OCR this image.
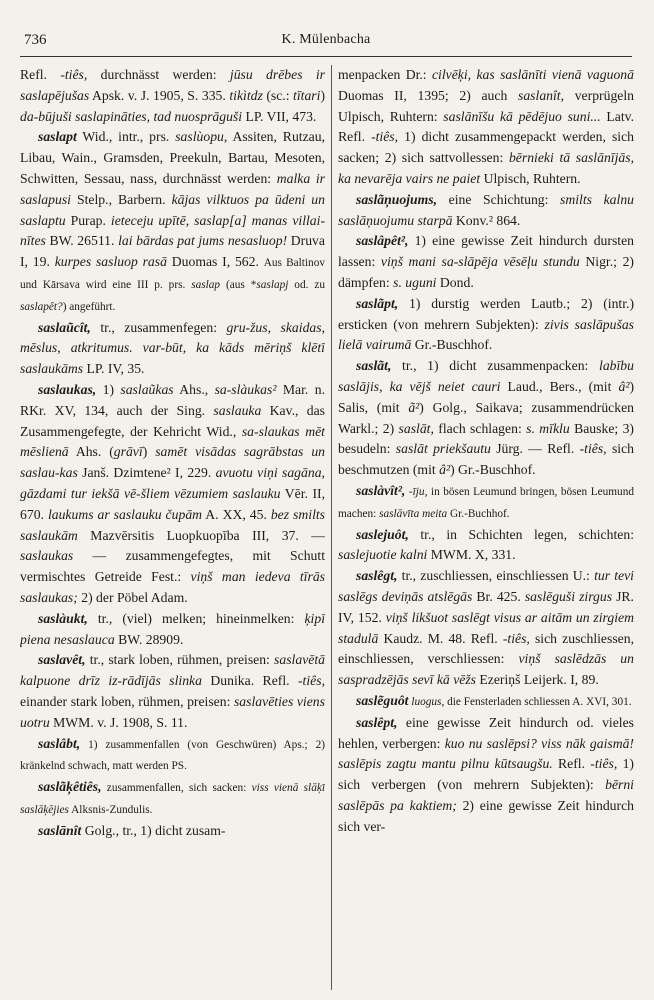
736	K. Mülenbacha

Refl. -tiês, durchnässt werden: jūsu drēbes ir saslapējušas Apsk. v. J. 1905, S. 335. tikìtdz (sc.: tītari) da-būjuši saslapināties, tad nuosprāguši LP. VII, 473.

saslapt Wid., intr., prs. saslùopu, Assiten, Rutzau, Libau, Wain., Gramsden, Preekuln, Bartau, Mesoten, Schwitten, Sessau, nass, durchnässt werden: malka ir saslapusi Stelp., Barbern. kājas vilktuos pa ūdeni un saslaptu Purap. ieteceju upītē, saslap[a] manas villai-nītes BW. 26511. lai bārdas pat jums nesasluop! Druva I, 19. kurpes sasluop rasā Duomas I, 562. Aus Baltinov und Kārsava wird eine III p. prs. saslap (aus *saslapj od. zu saslapêt?) angeführt.

saslaũcît, tr., zusammenfegen: gru-žus, skaidas, mēslus, atkritumus. var-būt, ka kāds mēriņš klētī saslaukāms LP. IV, 35.

saslaukas, 1) saslaũkas Ahs., sa-slàukas² Mar. n. RKr. XV, 134, auch der Sing. saslauka Kav., das Zusammengefegte, der Kehricht Wid., sa-slaukas mēt mēslienā Ahs. (grāvī) samēt visādas sagrābstas un saslau-kas Janš. Dzimtene² I, 229. avuotu viņi sagāna, gāzdami tur iekšā vē-šliem vēzumiem saslauku Vēr. II, 670. laukums ar saslauku čupām A. XX, 45. bez smilts saslaukām Mazvērsitis Luopkuopība III, 37. — saslaukas — zusammengefegtes, mit Schutt vermischtes Getreide Fest.: viņš man iedeva tīrās saslaukas; 2) der Pöbel Adam.

saslàukt, tr., (viel) melken; hineinmelken: ķipī piena nesaslauca BW. 28909.

saslavêt, tr., stark loben, rühmen, preisen: saslavētā kalpuone drīz iz-rādījās slinka Dunika. Refl. -tiês, einander stark loben, rühmen, preisen: saslavēties viens uotru MWM. v. J. 1908, S. 11.

saslâbt, 1) zusammenfallen (von Geschwüren) Aps.; 2) kränkelnd schwach, matt werden PS.

saslãķêtiês, zusammenfallen, sich sacken: viss vienā slāķī saslāķējies Alksnis-Zundulis.

saslānît Golg., tr., 1) dicht zusam-

menpacken Dr.: cilvēķi, kas saslānīti vienā vaguonā Duomas II, 1395; 2) auch saslanît, verprügeln Ulpisch, Ruhtern: saslānīšu kā pēdējuo suni... Latv. Refl. -tiês, 1) dicht zusammengepackt werden, sich sacken; 2) sich sattvollessen: bērnieki tā saslānījās, ka nevarēja vairs ne paiet Ulpisch, Ruhtern.

saslãņuojums, eine Schichtung: smilts kalnu saslāņuojumu starpā Konv.² 864.

saslâpêt², 1) eine gewisse Zeit hindurch dursten lassen: viņš mani sa-slāpēja vēsēļu stundu Nigr.; 2) dämpfen: s. uguni Dond.

saslãpt, 1) durstig werden Lautb.; 2) (intr.) ersticken (von mehrern Subjekten): zivis saslāpušas lielā vairumā Gr.-Buschhof.

saslãt, tr., 1) dicht zusammenpacken: labību saslājis, ka vējš neiet cauri Laud., Bers., (mit â²) Salis, (mit ã²) Golg., Saikava; zusammendrücken Warkl.; 2) saslāt, flach schlagen: s. mīklu Bauske; 3) besudeln: saslāt priekšautu Jürg. — Refl. -tiês, sich beschmutzen (mit â²) Gr.-Buschhof.

saslàvît², -īju, in bösen Leumund bringen, bösen Leumund machen: saslāvīta meita Gr.-Buchhof.

saslejuôt, tr., in Schichten legen, schichten: saslejuotie kalni MWM. X, 331.

saslêgt, tr., zuschliessen, einschliessen U.: tur tevi saslēgs deviņās atslēgās Br. 425. saslēguši zirgus JR. IV, 152. viņš likšuot saslēgt visus ar aitām un zirgiem stadulā Kaudz. M. 48. Refl. -tiês, sich zuschliessen, einschliessen, verschliessen: viņš saslēdzās un saspradzējās sevī kā vēžs Ezeriņš Leijerk. I, 89.

saslẽguôt luogus, die Fensterladen schliessen A. XVI, 301.

saslêpt, eine gewisse Zeit hindurch od. vieles hehlen, verbergen: kuo nu saslēpsi? viss nāk gaismā! saslēpis zagtu mantu pilnu kūtsaugšu. Refl. -tiês, 1) sich verbergen (von mehrern Subjekten): bērni saslēpās pa kaktiem; 2) eine gewisse Zeit hindurch sich ver-
